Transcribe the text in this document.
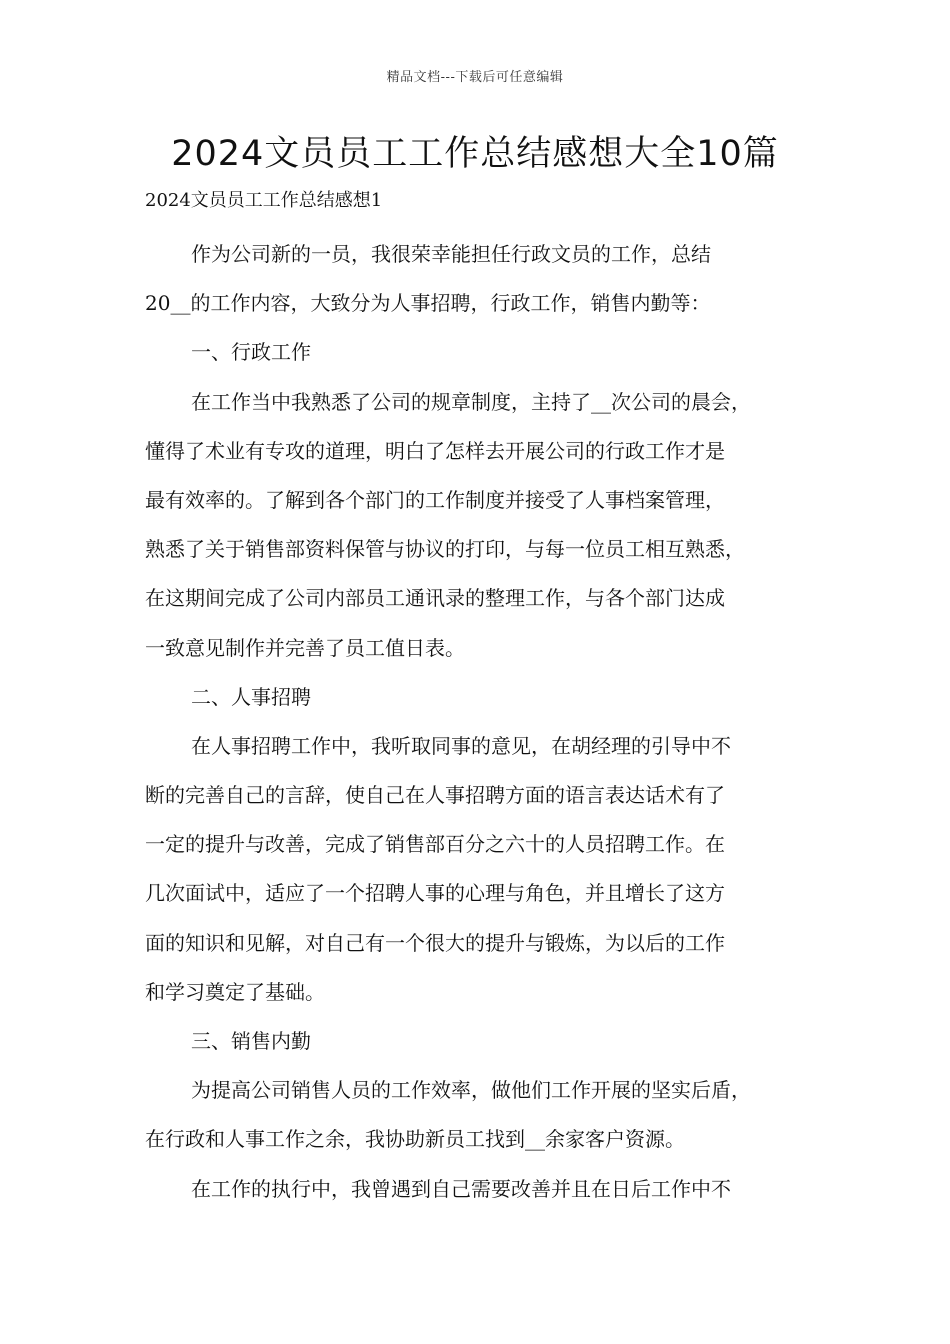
精品文档---下载后可任意编辑
2024文员员工工作总结感想大全10篇
2024文员员工工作总结感想1
作为公司新的一员，我很荣幸能担任行政文员的工作，总结
20__的工作内容，大致分为人事招聘，行政工作，销售内勤等：
一、行政工作
在工作当中我熟悉了公司的规章制度，主持了__次公司的晨会，
懂得了术业有专攻的道理，明白了怎样去开展公司的行政工作才是
最有效率的。了解到各个部门的工作制度并接受了人事档案管理，
熟悉了关于销售部资料保管与协议的打印，与每一位员工相互熟悉，
在这期间完成了公司内部员工通讯录的整理工作，与各个部门达成
一致意见制作并完善了员工值日表。
二、人事招聘
在人事招聘工作中，我听取同事的意见，在胡经理的引导中不
断的完善自己的言辞，使自己在人事招聘方面的语言表达话术有了
一定的提升与改善，完成了销售部百分之六十的人员招聘工作。在
几次面试中，适应了一个招聘人事的心理与角色，并且增长了这方
面的知识和见解，对自己有一个很大的提升与锻炼，为以后的工作
和学习奠定了基础。
三、销售内勤
为提高公司销售人员的工作效率，做他们工作开展的坚实后盾，
在行政和人事工作之余，我协助新员工找到__余家客户资源。
在工作的执行中，我曾遇到自己需要改善并且在日后工作中不
